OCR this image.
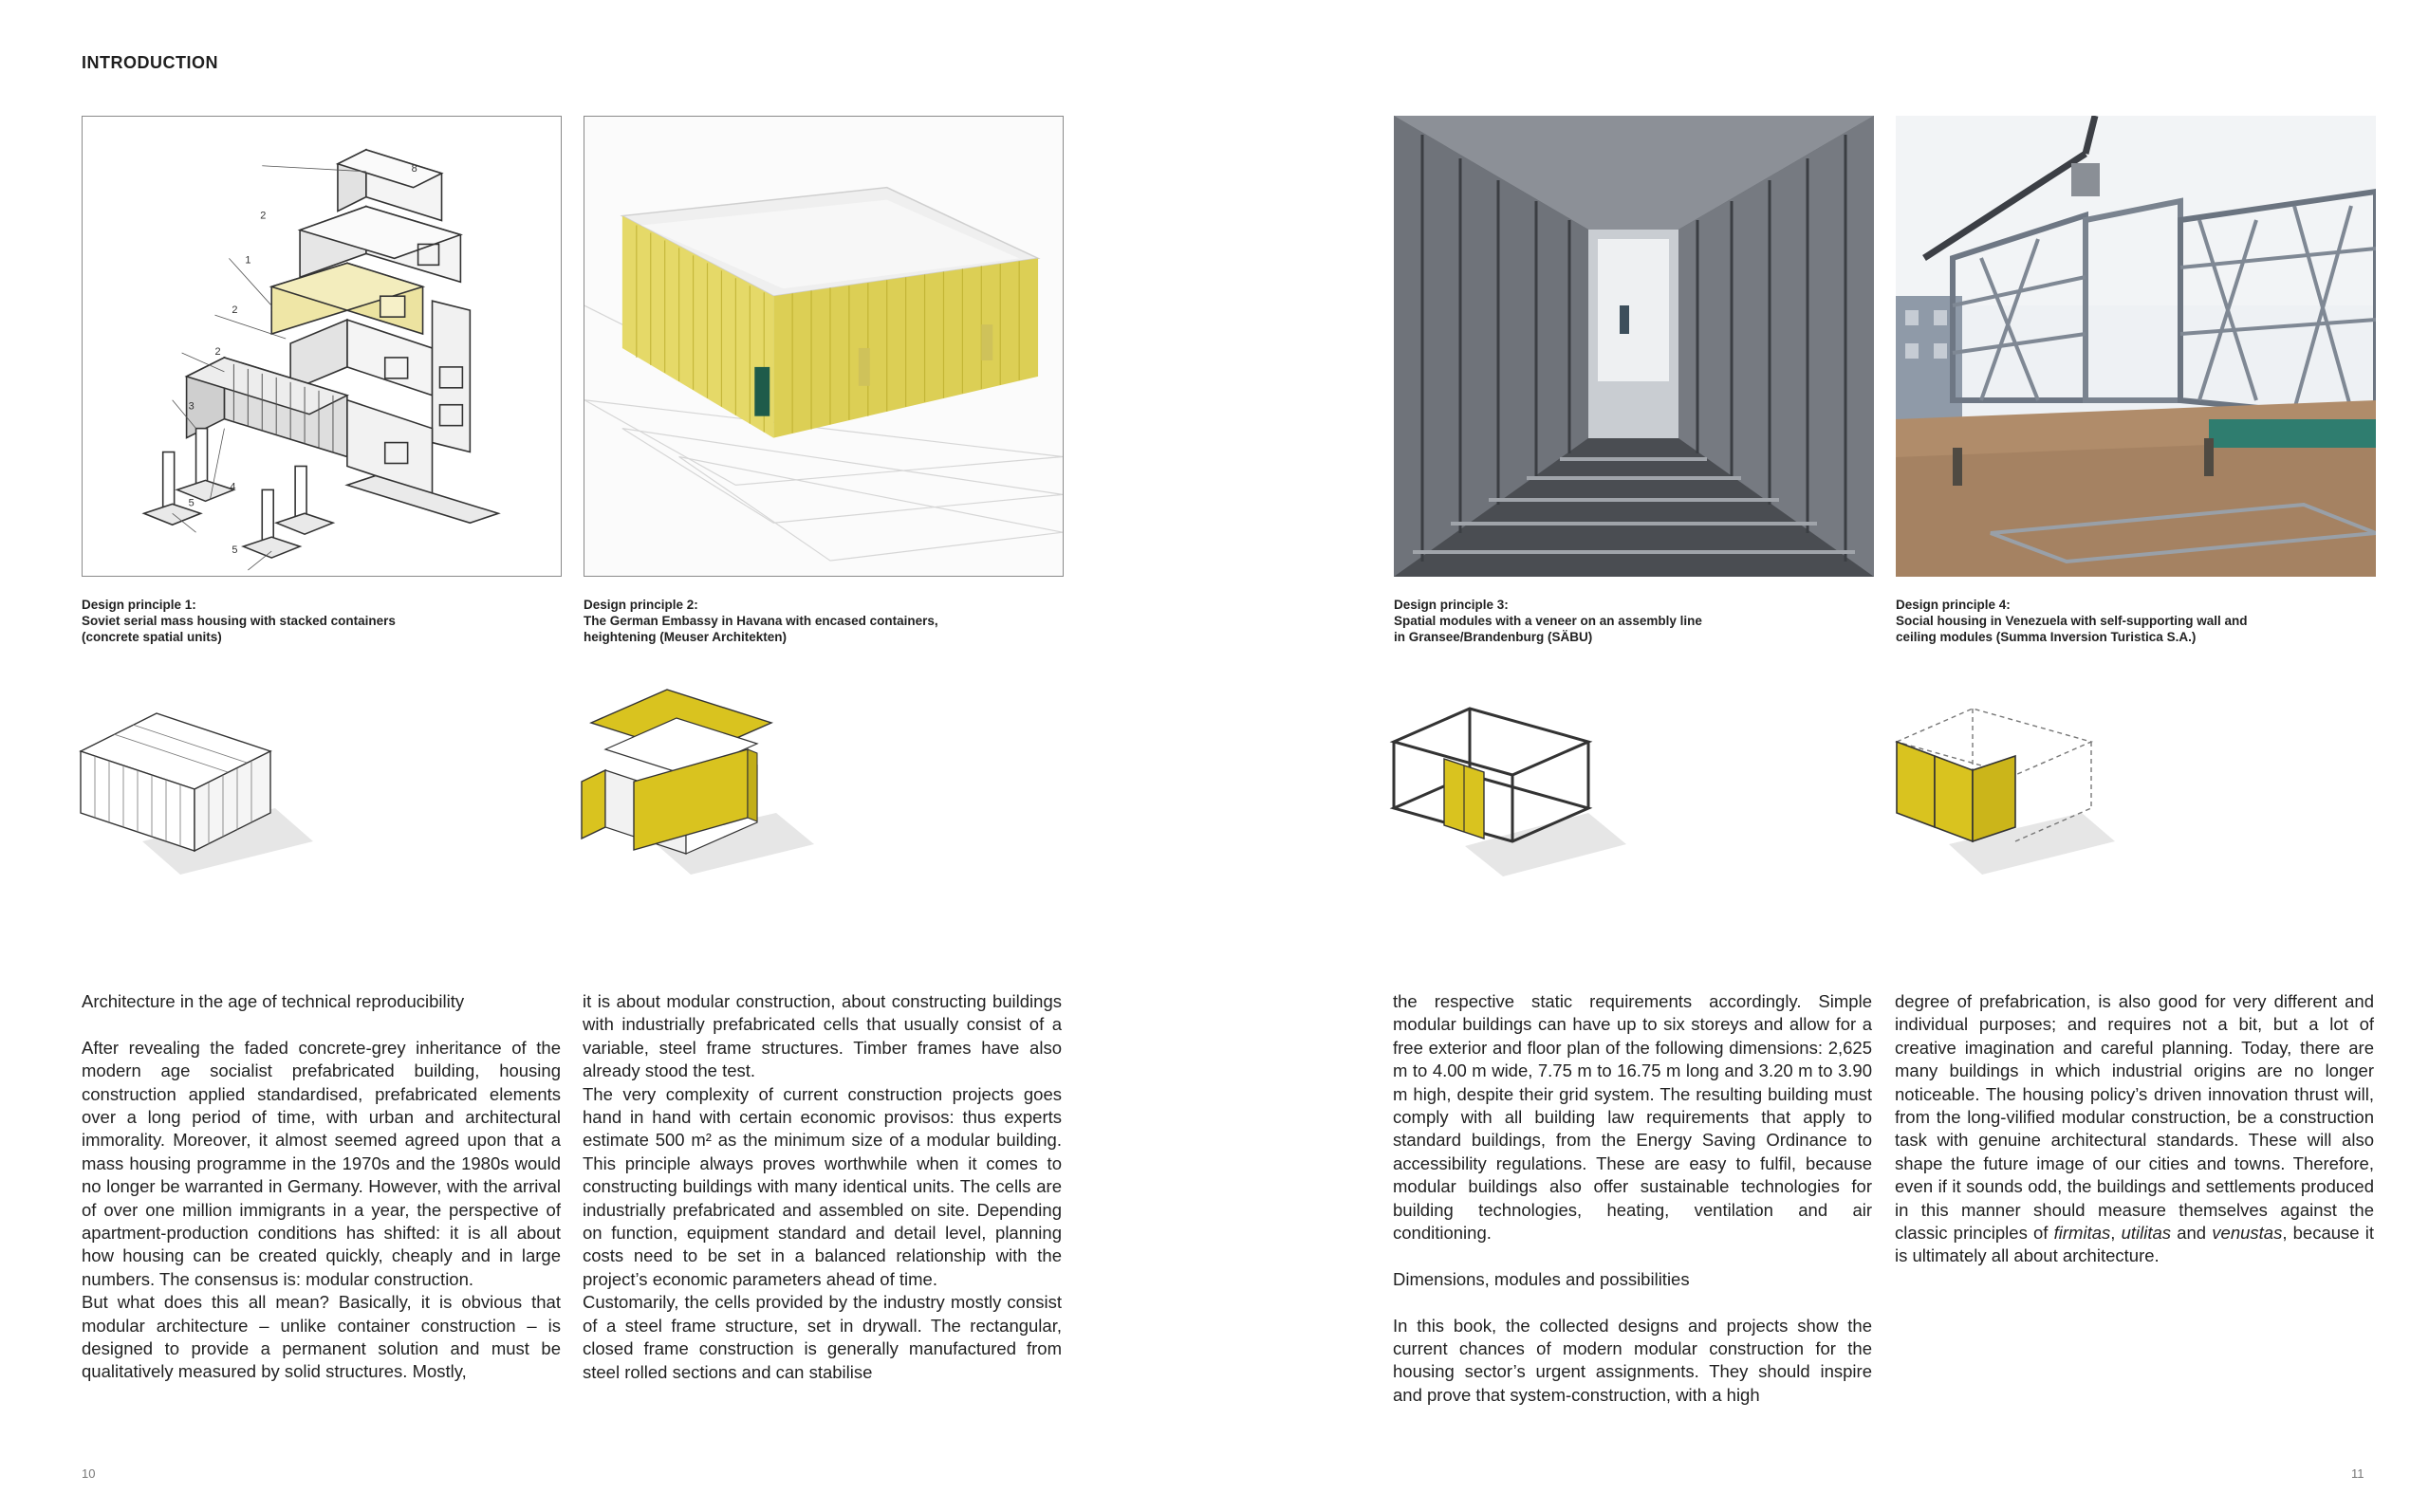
INTRODUCTION
8
2
1
2
2
3
4
5
5
Design principle 1:
Soviet serial mass housing with stacked containers
(concrete spatial units)
Design principle 2:
The German Embassy in Havana with encased containers,
heightening (Meuser Architekten)
Design principle 3:
Spatial modules with a veneer on an assembly line
in Gransee/Brandenburg (SÄBU)
Design principle 4:
Social housing in Venezuela with self-supporting wall and
ceiling modules (Summa Inversion Turistica S.A.)

Architecture in the age of technical reproducibility

After revealing the faded concrete-grey inheritance of the modern age socialist prefabricated building, housing construction applied standardised, prefabricated elements over a long period of time, with urban and architectural immorality. Moreover, it almost seemed agreed upon that a mass housing programme in the 1970s and the 1980s would no longer be warranted in Germany. However, with the arrival of over one million immigrants in a year, the perspective of apartment-production conditions has shifted: it is all about how housing can be created quickly, cheaply and in large numbers. The consensus is: modular construction.

But what does this all mean? Basically, it is obvious that modular architecture – unlike container construction – is designed to provide a permanent solution and must be qualitatively measured by solid structures. Mostly,

it is about modular construction, about constructing buildings with industrially prefabricated cells that usually consist of a variable, steel frame structures. Timber frames have also already stood the test.

The very complexity of current construction projects goes hand in hand with certain economic provisos: thus experts estimate 500 m² as the minimum size of a modular building. This principle always proves worthwhile when it comes to constructing buildings with many identical units. The cells are industrially prefabricated and assembled on site. Depending on function, equipment standard and detail level, planning costs need to be set in a balanced relationship with the project’s economic parameters ahead of time.

Customarily, the cells provided by the industry mostly consist of a steel frame structure, set in drywall. The rectangular, closed frame construction is generally manufactured from steel rolled sections and can stabilise

the respective static requirements accordingly. Simple modular buildings can have up to six storeys and allow for a free exterior and floor plan of the following dimensions: 2,625 m to 4.00 m wide, 7.75 m to 16.75 m long and 3.20 m to 3.90 m high, despite their grid system. The resulting building must comply with all building law requirements that apply to standard buildings, from the Energy Saving Ordinance to accessibility regulations. These are easy to fulfil, because modular buildings also offer sustainable technologies for building technologies, heating, ventilation and air conditioning.

Dimensions, modules and possibilities

In this book, the collected designs and projects show the current chances of modern modular construction for the housing sector’s urgent assignments. They should inspire and prove that system-construction, with a high

degree of prefabrication, is also good for very different and individual purposes; and requires not a bit, but a lot of creative imagination and careful planning. Today, there are many buildings in which industrial origins are no longer noticeable. The housing policy’s driven innovation thrust will, from the long-vilified modular construction, be a construction task with genuine architectural standards. These will also shape the future image of our cities and towns. Therefore, even if it sounds odd, the buildings and settlements produced in this manner should measure themselves against the classic principles of firmitas, utilitas and venustas, because it is ultimately all about architecture.

10	11
